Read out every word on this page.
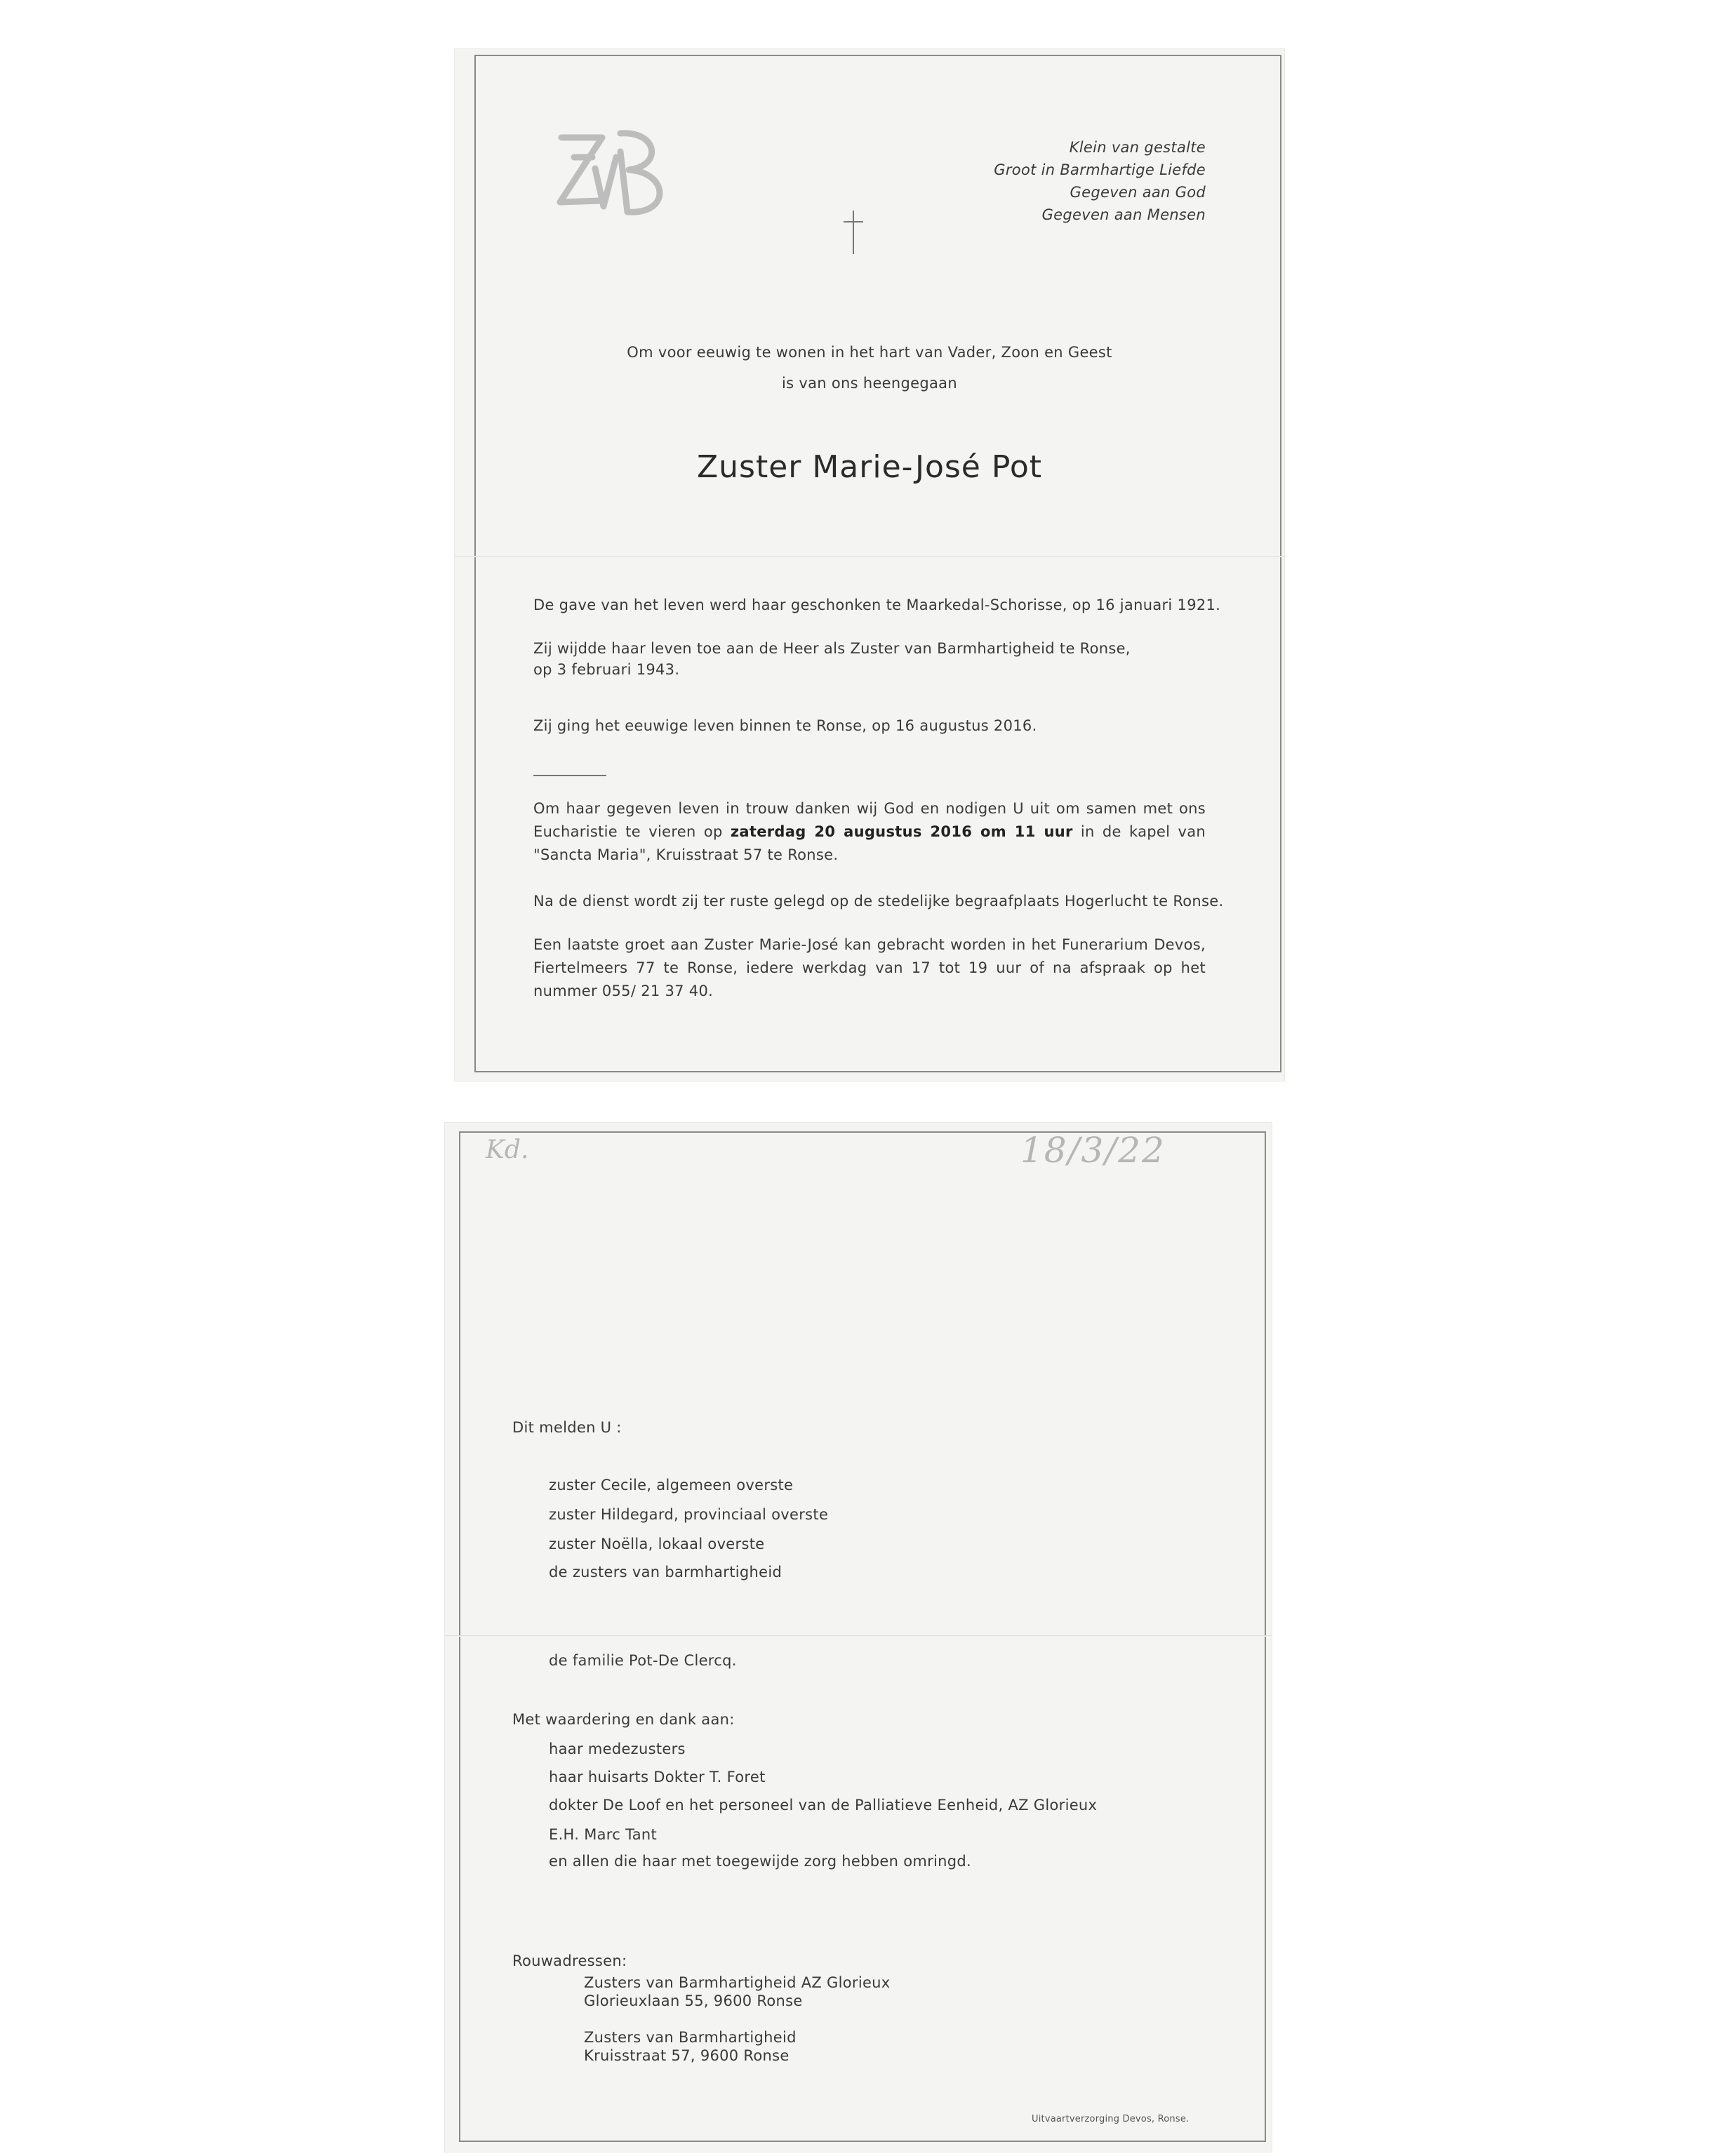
Klein van gestalte
Groot in Barmhartige Liefde
Gegeven aan God
Gegeven aan Mensen
Om voor eeuwig te wonen in het hart van Vader, Zoon en Geest
is van ons heengegaan
Zuster Marie-José Pot
De gave van het leven werd haar geschonken te Maarkedal-Schorisse, op 16 januari 1921.
Zij wijdde haar leven toe aan de Heer als Zuster van Barmhartigheid te Ronse,
op 3 februari 1943.
Zij ging het eeuwige leven binnen te Ronse, op 16 augustus 2016.
Om haar gegeven leven in trouw danken wij God en nodigen U uit om samen met ons Eucharistie te vieren op zaterdag 20 augustus 2016 om 11 uur in de kapel van "Sancta Maria", Kruisstraat 57 te Ronse.
Na de dienst wordt zij ter ruste gelegd op de stedelijke begraafplaats Hogerlucht te Ronse.
Een laatste groet aan Zuster Marie-José kan gebracht worden in het Funerarium Devos, Fiertelmeers 77 te Ronse, iedere werkdag van 17 tot 19 uur of na afspraak op het nummer 055/ 21 37 40.
Kd.	18/3/22
Dit melden U :
zuster Cecile, algemeen overste
zuster Hildegard, provinciaal overste
zuster Noëlla, lokaal overste
de zusters van barmhartigheid
de familie Pot-De Clercq.
Met waardering en dank aan:
haar medezusters
haar huisarts Dokter T. Foret
dokter De Loof en het personeel van de Palliatieve Eenheid, AZ Glorieux
E.H. Marc Tant
en allen die haar met toegewijde zorg hebben omringd.
Rouwadressen:
Zusters van Barmhartigheid AZ Glorieux
Glorieuxlaan 55, 9600 Ronse
Zusters van Barmhartigheid
Kruisstraat 57, 9600 Ronse
Uitvaartverzorging Devos, Ronse.
